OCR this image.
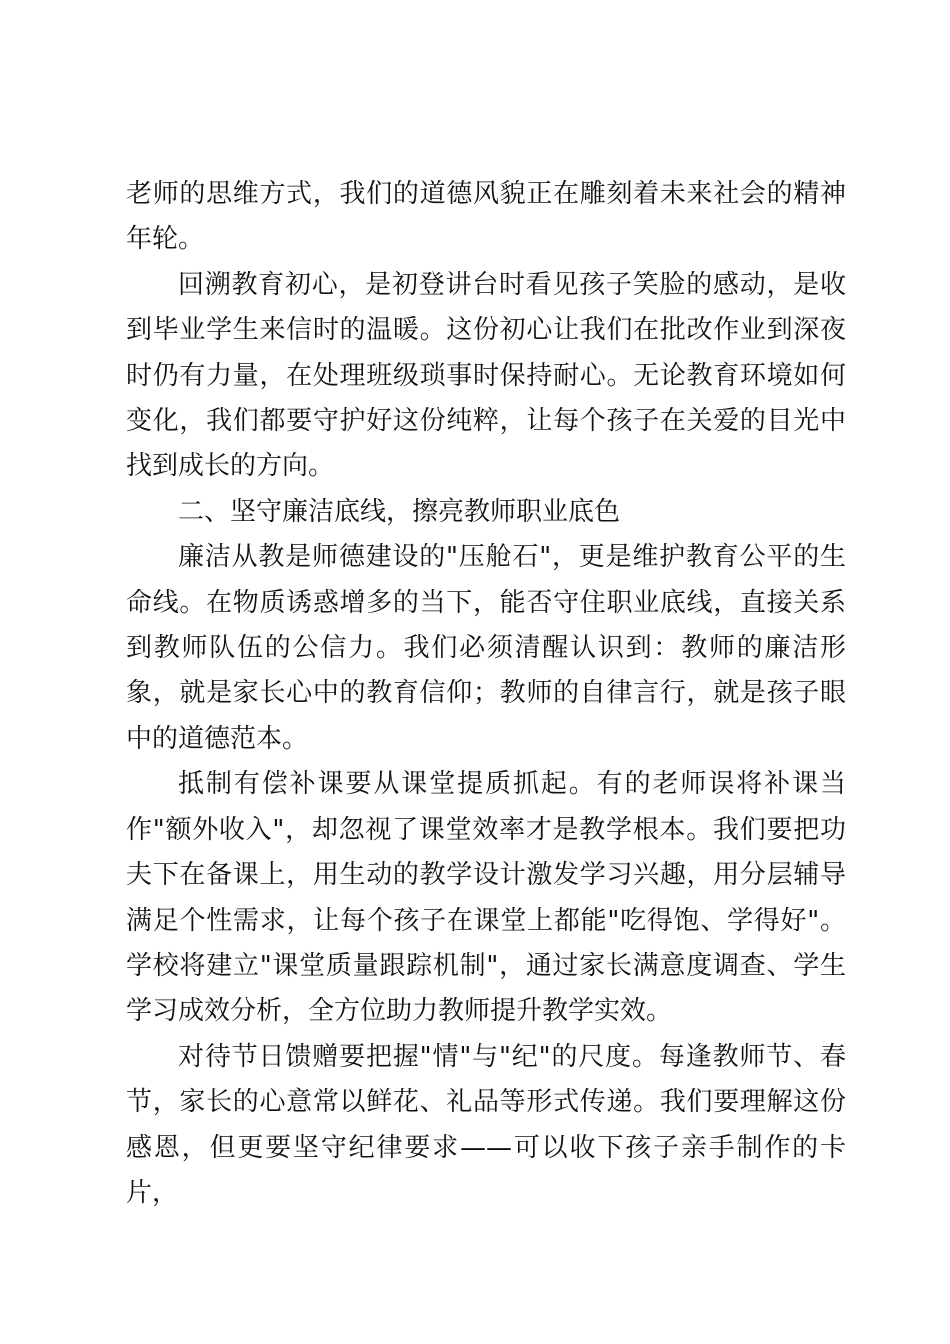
老师的思维方式，我们的道德风貌正在雕刻着未来社会的精神年轮。

回溯教育初心，是初登讲台时看见孩子笑脸的感动，是收到毕业学生来信时的温暖。这份初心让我们在批改作业到深夜时仍有力量，在处理班级琐事时保持耐心。无论教育环境如何变化，我们都要守护好这份纯粹，让每个孩子在关爱的目光中找到成长的方向。

二、坚守廉洁底线，擦亮教师职业底色

廉洁从教是师德建设的"压舱石"，更是维护教育公平的生命线。在物质诱惑增多的当下，能否守住职业底线，直接关系到教师队伍的公信力。我们必须清醒认识到：教师的廉洁形象，就是家长心中的教育信仰；教师的自律言行，就是孩子眼中的道德范本。

抵制有偿补课要从课堂提质抓起。有的老师误将补课当作"额外收入"，却忽视了课堂效率才是教学根本。我们要把功夫下在备课上，用生动的教学设计激发学习兴趣，用分层辅导满足个性需求，让每个孩子在课堂上都能"吃得饱、学得好"。学校将建立"课堂质量跟踪机制"，通过家长满意度调查、学生学习成效分析，全方位助力教师提升教学实效。

对待节日馈赠要把握"情"与"纪"的尺度。每逢教师节、春节，家长的心意常以鲜花、礼品等形式传递。我们要理解这份感恩，但更要坚守纪律要求——可以收下孩子亲手制作的卡片，
